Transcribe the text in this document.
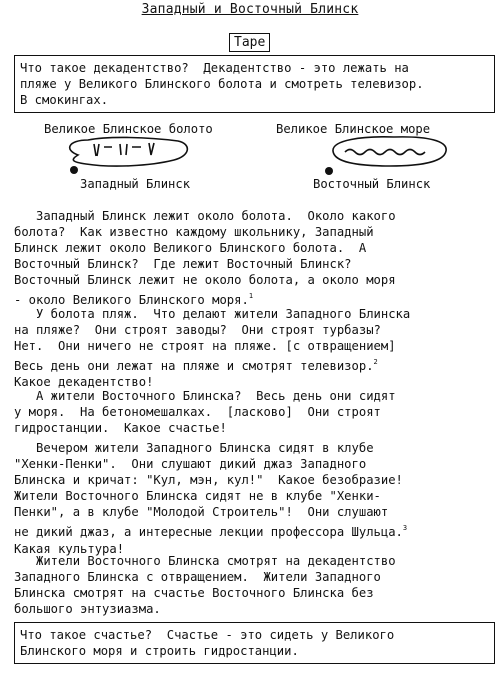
Западный и Восточный Блинск
Tape
Что такое декадентство?  Декадентство - это лежать на
пляже у Великого Блинского болота и смотреть телевизор.
В смокингах.
Великое Блинское болото	Великое Блинское море
Западный Блинск	Восточный Блинск
Западный Блинск лежит около болота.  Около какого
болота?  Как известно каждому школьнику, Западный
Блинск лежит около Великого Блинского болота.  А
Восточный Блинск?  Где лежит Восточный Блинск?
Восточный Блинск лежит не около болота, а около моря
- около Великого Блинского моря.$^1$
У болота пляж.  Что делают жители Западного Блинска
на пляже?  Они строят заводы?  Они строят турбазы?
Нет.  Они ничего не строят на пляже. [с отвращением]
Весь день они лежат на пляже и смотрят телевизор.$^2$
Какое декадентство!
А жители Восточного Блинска?  Весь день они сидят
у моря.  На бетономешалках.  [ласково]  Они строят
гидростанции.  Какое счастье!
Вечером жители Западного Блинска сидят в клубе
"Хенки-Пенки".  Они слушают дикий джаз Западного
Блинска и кричат: "Кул, мэн, кул!"  Какое безобразие!
Жители Восточного Блинска сидят не в клубе "Хенки-
Пенки", а в клубе "Молодой Строитель"!  Они слушают
не дикий джаз, а интересные лекции профессора Шульца.$^3$
Какая культура!
Жители Восточного Блинска смотрят на декадентство
Западного Блинска с отвращением.  Жители Западного
Блинска смотрят на счастье Восточного Блинска без
большого энтузиазма.
Что такое счастье?  Счастье - это сидеть у Великого
Блинского моря и строить гидростанции.
